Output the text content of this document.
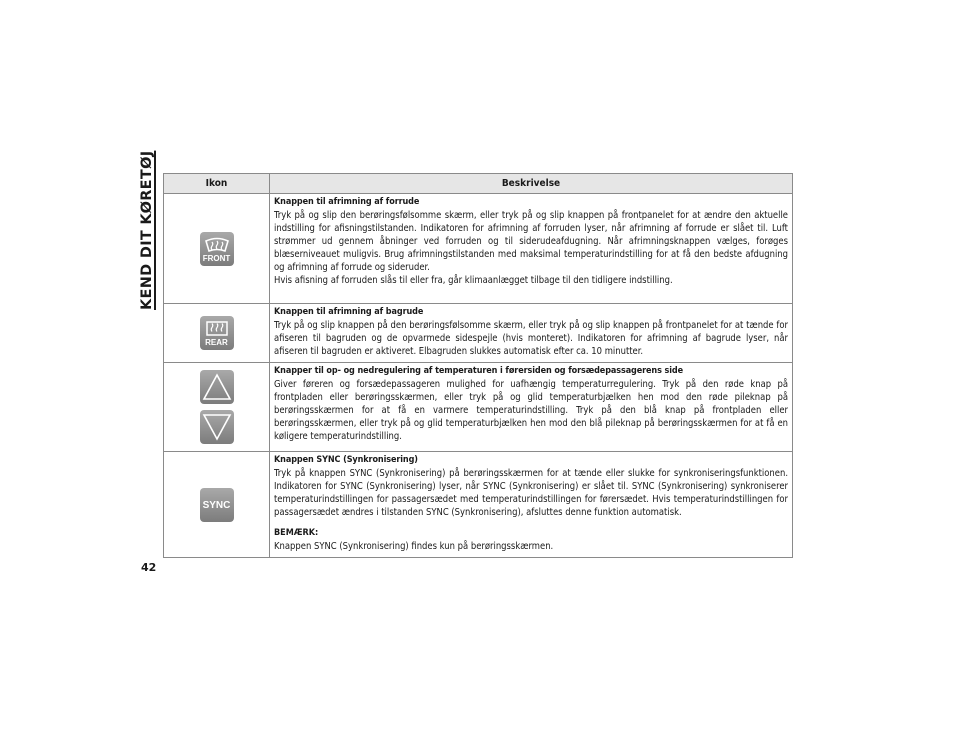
KEND DIT KØRETØJ	Ikon	Beskrivelse

FRONT	Knappen til afrimning af forrude
Tryk på og slip den berøringsfølsomme skærm, eller tryk på og slip knappen på frontpanelet for at ændre den aktuelle indstilling for afisningstilstanden. Indikatoren for afrimning af forruden lyser, når afrimning af forrude er slået til. Luft strømmer ud gennem åbninger ved forruden og til siderudeafdugning. Når afrimningsknappen vælges, forøges blæserniveauet muligvis. Brug afrimningstilstanden med maksimal temperaturindstilling for at få den bedste afdugning og afrimning af forrude og sideruder.
Hvis afisning af forruden slås til eller fra, går klimaanlægget tilbage til den tidligere indstilling.

REAR	Knappen til afrimning af bagrude
Tryk på og slip knappen på den berøringsfølsomme skærm, eller tryk på og slip knappen på frontpanelet for at tænde for afiseren til bagruden og de opvarmede sidespejle (hvis monteret). Indikatoren for afrimning af bagrude lyser, når afiseren til bagruden er aktiveret. Elbagruden slukkes automatisk efter ca. 10 minutter.

Knapper til op- og nedregulering af temperaturen i førersiden og forsædepassagerens side
Giver føreren og forsædepassageren mulighed for uafhængig temperaturregulering. Tryk på den røde knap på frontpladen eller berøringsskærmen, eller tryk på og glid temperaturbjælken hen mod den røde pileknap på berøringsskærmen for at få en varmere temperaturindstilling. Tryk på den blå knap på frontpladen eller berøringsskærmen, eller tryk på og glid temperaturbjælken hen mod den blå pileknap på berøringsskærmen for at få en køligere temperaturindstilling.

SYNC	Knappen SYNC (Synkronisering)
Tryk på knappen SYNC (Synkronisering) på berøringsskærmen for at tænde eller slukke for synkroniseringsfunktionen. Indikatoren for SYNC (Synkronisering) lyser, når SYNC (Synkronisering) er slået til. SYNC (Synkronisering) synkroniserer temperaturindstillingen for passagersædet med temperaturindstillingen for førersædet. Hvis temperaturindstillingen for passagersædet ændres i tilstanden SYNC (Synkronisering), afsluttes denne funktion automatisk.
BEMÆRK:
Knappen SYNC (Synkronisering) findes kun på berøringsskærmen.
42
